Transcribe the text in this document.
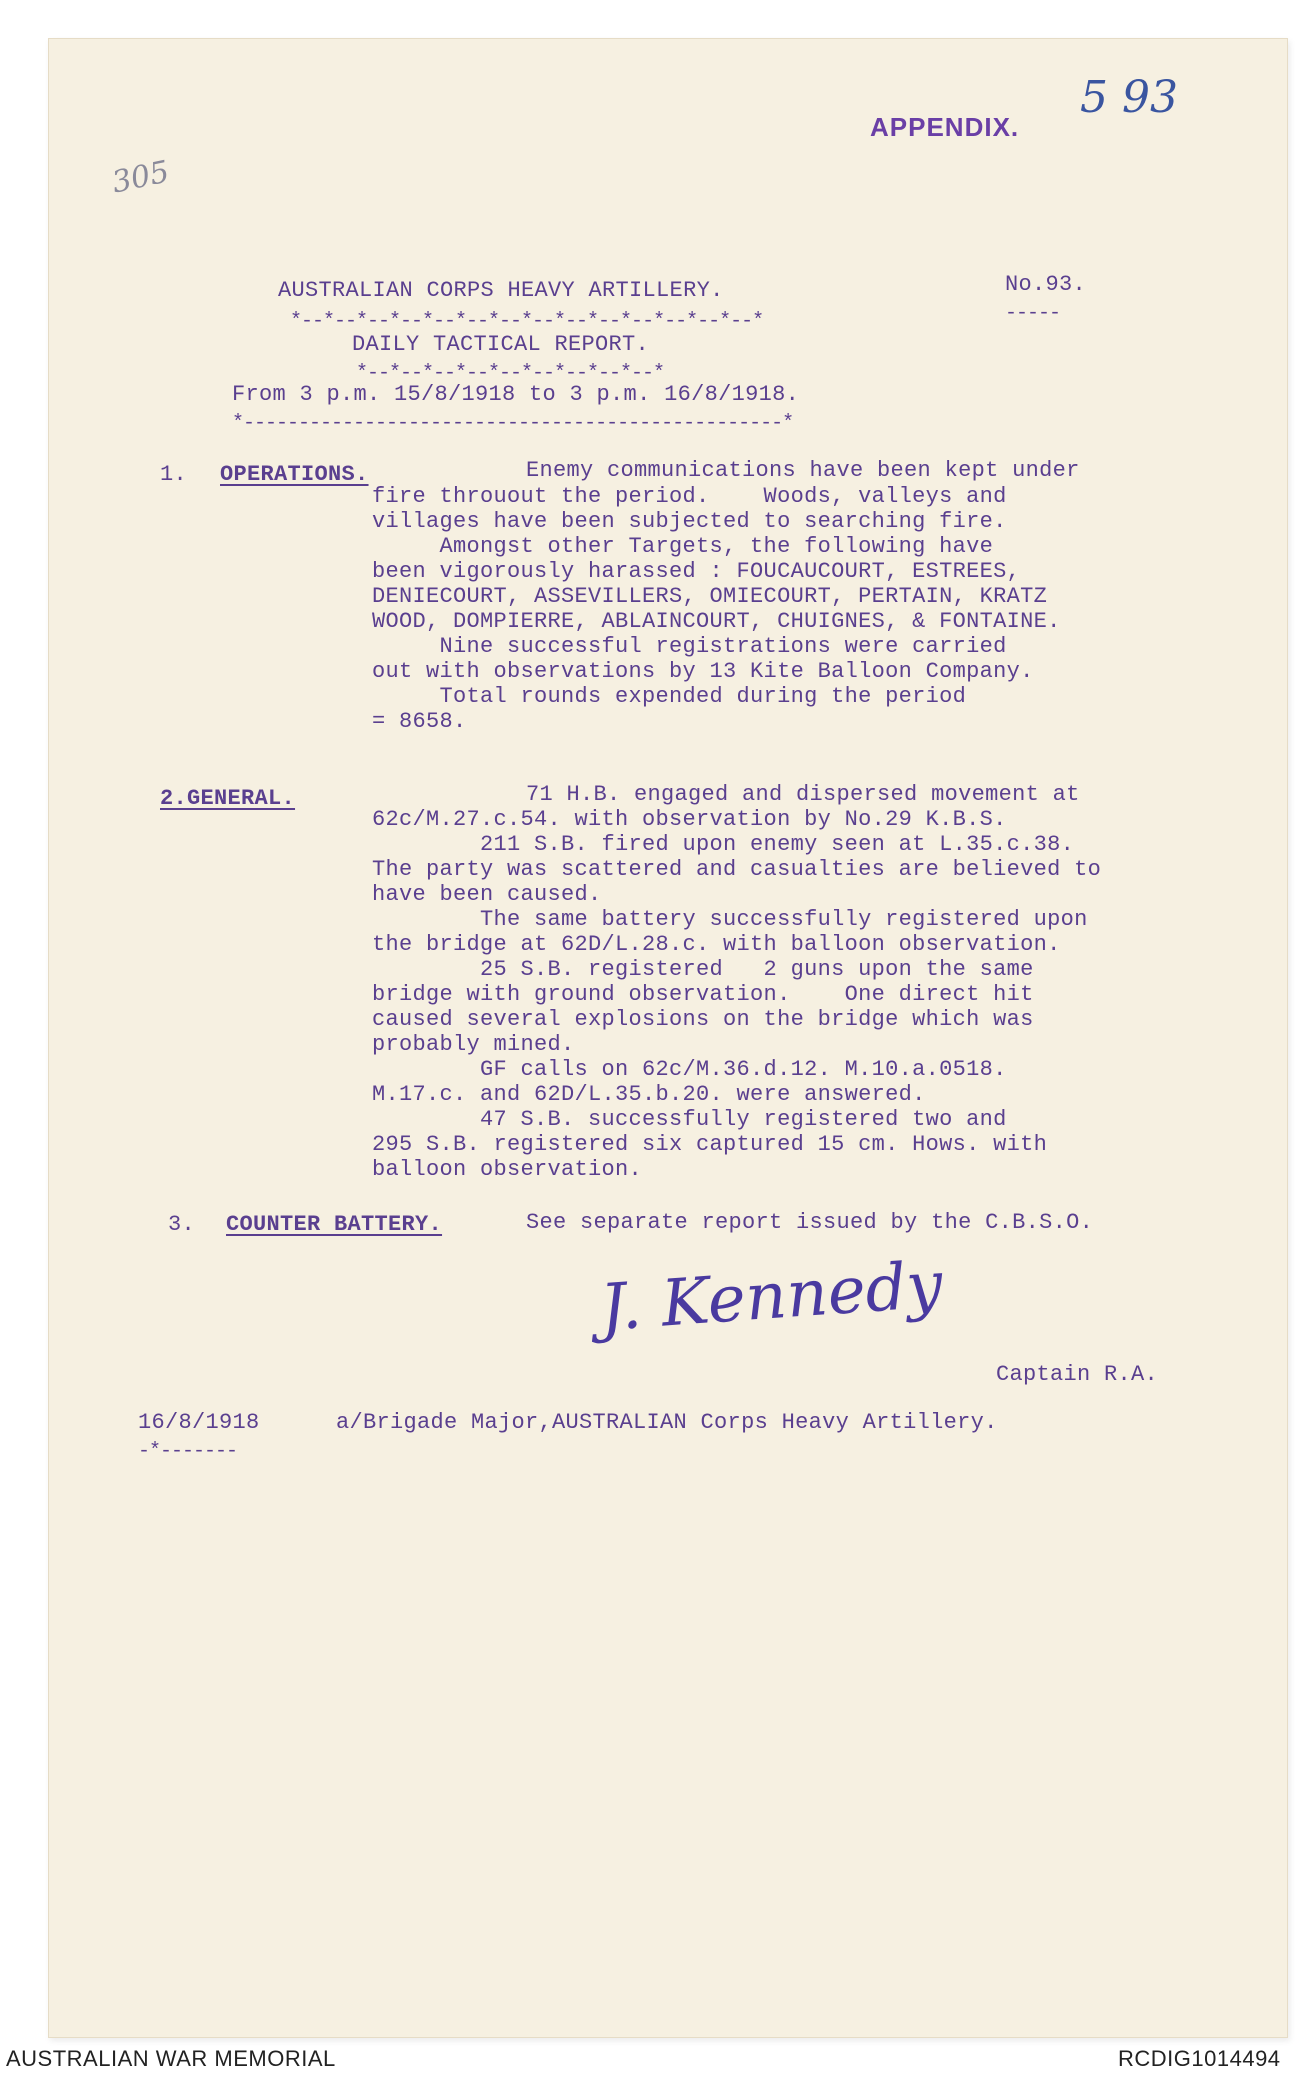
APPENDIX.
5 93
305
AUSTRALIAN CORPS HEAVY ARTILLERY.	No.93.
-----
*--*--*--*--*--*--*--*--*--*--*--*--*--*--*
DAILY TACTICAL REPORT.
*--*--*--*--*--*--*--*--*--*
From 3 p.m. 15/8/1918 to 3 p.m. 16/8/1918.
*-------------------------------------------------*
1. OPERATIONS.	Enemy communications have been kept under
fire throuout the period.    Woods, valleys and
villages have been subjected to searching fire.
Amongst other Targets, the following have
been vigorously harassed : FOUCAUCOURT, ESTREES,
DENIECOURT, ASSEVILLERS, OMIECOURT, PERTAIN, KRATZ
WOOD, DOMPIERRE, ABLAINCOURT, CHUIGNES, & FONTAINE.
Nine successful registrations were carried
out with observations by 13 Kite Balloon Company.
Total rounds expended during the period
= 8658.
2.GENERAL.	71 H.B. engaged and dispersed movement at
62c/M.27.c.54. with observation by No.29 K.B.S.
211 S.B. fired upon enemy seen at L.35.c.38.
The party was scattered and casualties are believed to
have been caused.
The same battery successfully registered upon
the bridge at 62D/L.28.c. with balloon observation.
25 S.B. registered   2 guns upon the same
bridge with ground observation.    One direct hit
caused several explosions on the bridge which was
probably mined.
GF calls on 62c/M.36.d.12. M.10.a.0518.
M.17.c. and 62D/L.35.b.20. were answered.
47 S.B. successfully registered two and
295 S.B. registered six captured 15 cm. Hows. with
balloon observation.
3. COUNTER BATTERY.	See separate report issued by the C.B.S.O.
J. Kennedy
Captain R.A.
16/8/1918
-*-------
a/Brigade Major,AUSTRALIAN Corps Heavy Artillery.
AUSTRALIAN WAR MEMORIAL	RCDIG1014494
